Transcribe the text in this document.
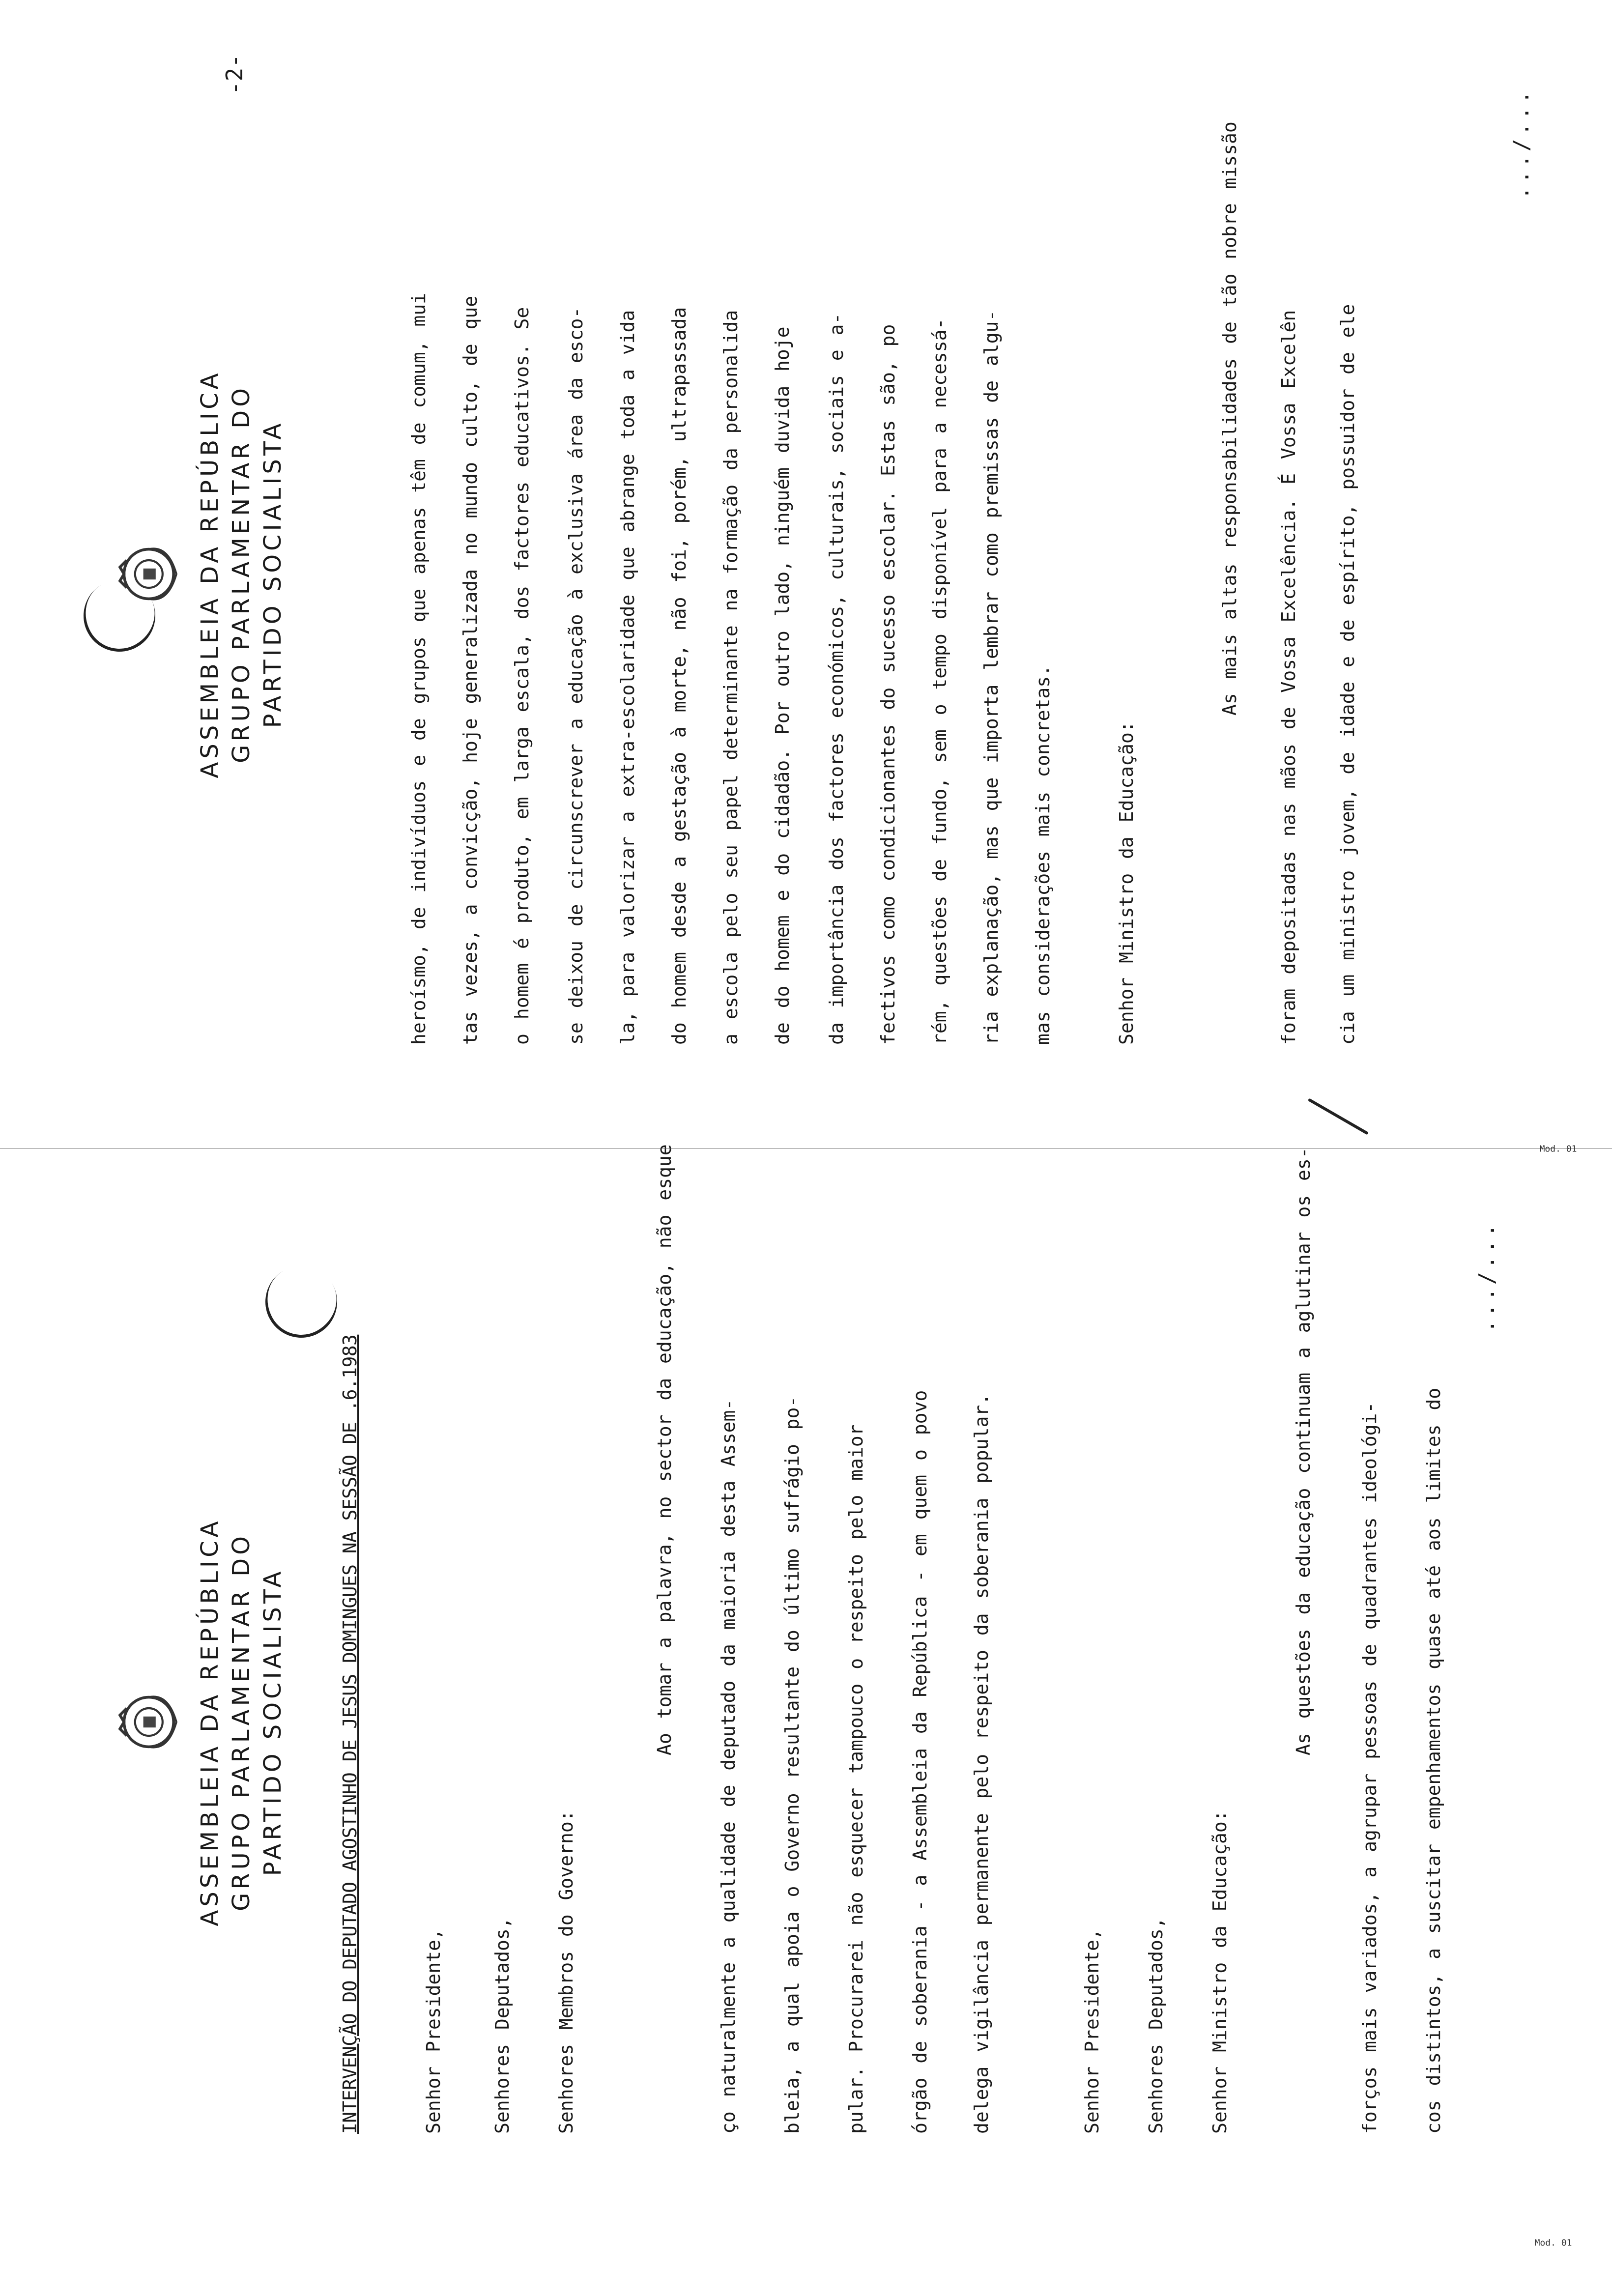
ASSEMBLEIA DA REPÚBLICA GRUPO PARLAMENTAR DO PARTIDO SOCIALISTA	INTERVENÇÃO DO DEPUTADO AGOSTINHO DE JESUS DOMINGUES NA SESSÃO DE .6.1983	Senhor Presidente,	Senhores Deputados, Senhores Membros do Governo:
Ao tomar a palavra, no sector da educação, não esque ço naturalmente a qualidade de deputado da maioria desta Assem- bleia, a qual apoia o Governo resultante do último sufrágio po- pular. Procurarei não esquecer tampouco o respeito pelo maior órgão de soberania - a Assembleia da República - em quem o povo delega vigilância permanente pelo respeito da soberania popular.	Senhor Presidente, Senhores Deputados, Senhor Ministro da Educação:
As questões da educação continuam a aglutinar os es- forços mais variados, a agrupar pessoas de quadrantes ideológi- cos distintos, a suscitar empenhamentos quase até aos limites do
.../...
Mod. 01
ASSEMBLEIA DA REPÚBLICA GRUPO PARLAMENTAR DO PARTIDO SOCIALISTA
-2-
heroísmo, de indivíduos e de grupos que apenas têm de comum, mui tas vezes, a convicção, hoje generalizada no mundo culto, de que o homem é produto, em larga escala, dos factores educativos. Se se deixou de circunscrever a educação à exclusiva área da esco- la, para valorizar a extra-escolaridade que abrange toda a vida do homem desde a gestação à morte, não foi, porém, ultrapassada a escola pelo seu papel determinante na formação da personalida de do homem e do cidadão. Por outro lado, ninguém duvida hoje da importância dos factores económicos, culturais, sociais e a- fectivos como condicionantes do sucesso escolar. Estas são, po rém, questões de fundo, sem o tempo disponível para a necessá- ria explanação, mas que importa lembrar como premissas de algu- mas considerações mais concretas.	Senhor Ministro da Educação:
As mais altas responsabilidades de tão nobre missão foram depositadas nas mãos de Vossa Excelência. É Vossa Excelên cia um ministro jovem, de idade e de espírito, possuidor de ele
.../...
Mod. 01
